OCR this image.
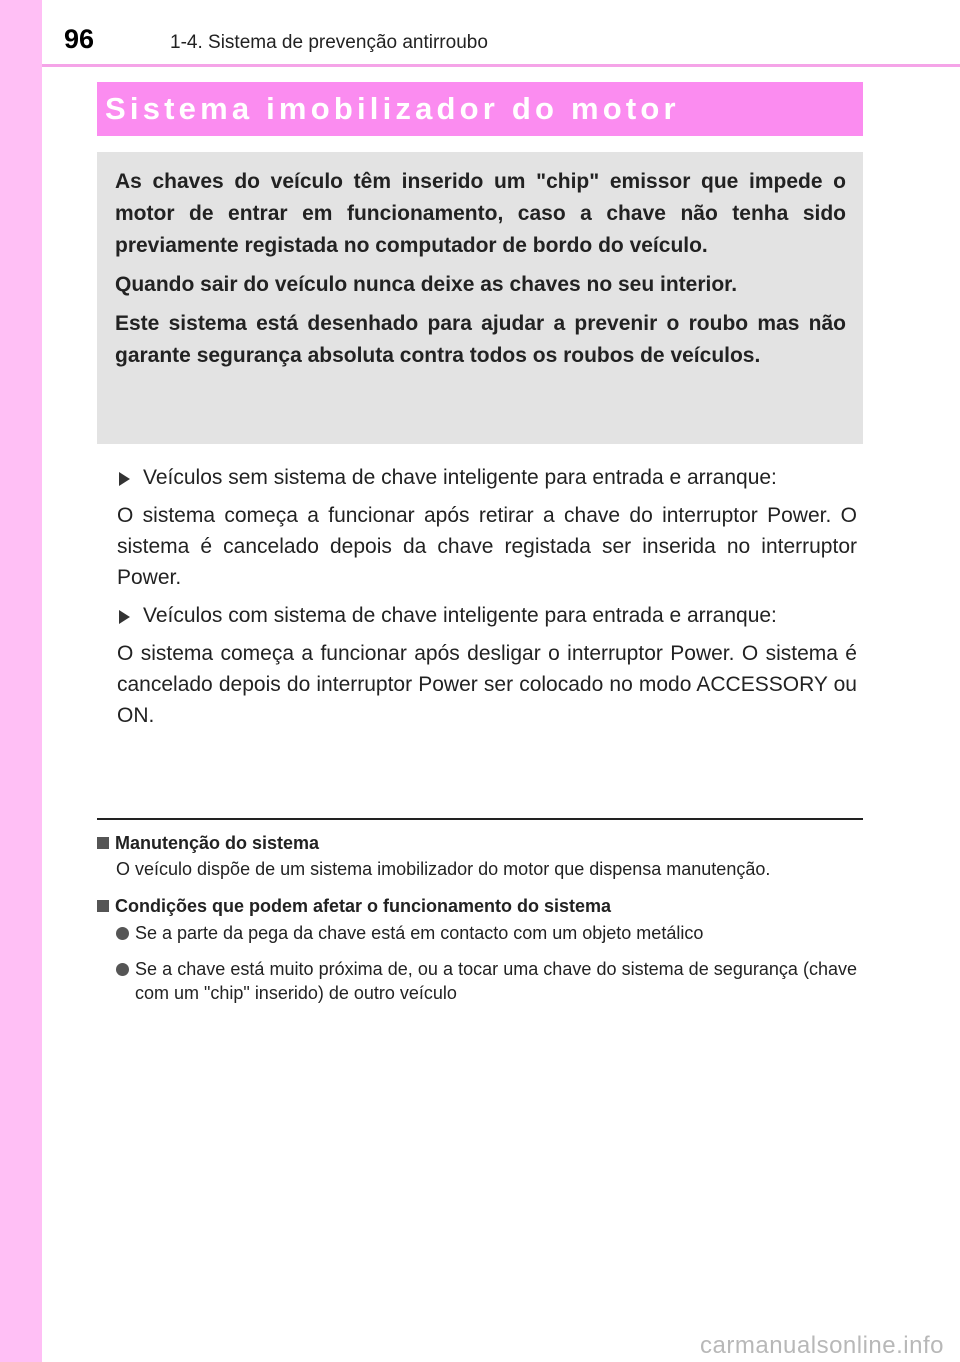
96	1-4. Sistema de prevenção antirroubo
Sistema imobilizador do motor

As chaves do veículo têm inserido um "chip" emissor que impede o motor de entrar em funcionamento, caso a chave não tenha sido previamente registada no computador de bordo do veículo.

Quando sair do veículo nunca deixe as chaves no seu interior.

Este sistema está desenhado para ajudar a prevenir o roubo mas não garante segurança absoluta contra todos os roubos de veículos.

Veículos sem sistema de chave inteligente para entrada e arranque:

O sistema começa a funcionar após retirar a chave do interruptor Power. O sistema é cancelado depois da chave registada ser inserida no interruptor Power.

Veículos com sistema de chave inteligente para entrada e arranque:

O sistema começa a funcionar após desligar o interruptor Power. O sistema é cancelado depois do interruptor Power ser colocado no modo ACCESSORY ou ON.

Manutenção do sistema

O veículo dispõe de um sistema imobilizador do motor que dispensa manutenção.

Condições que podem afetar o funcionamento do sistema
Se a parte da pega da chave está em contacto com um objeto metálico
Se a chave está muito próxima de, ou a tocar uma chave do sistema de segurança (chave com um "chip" inserido) de outro veículo
carmanualsonline.info
